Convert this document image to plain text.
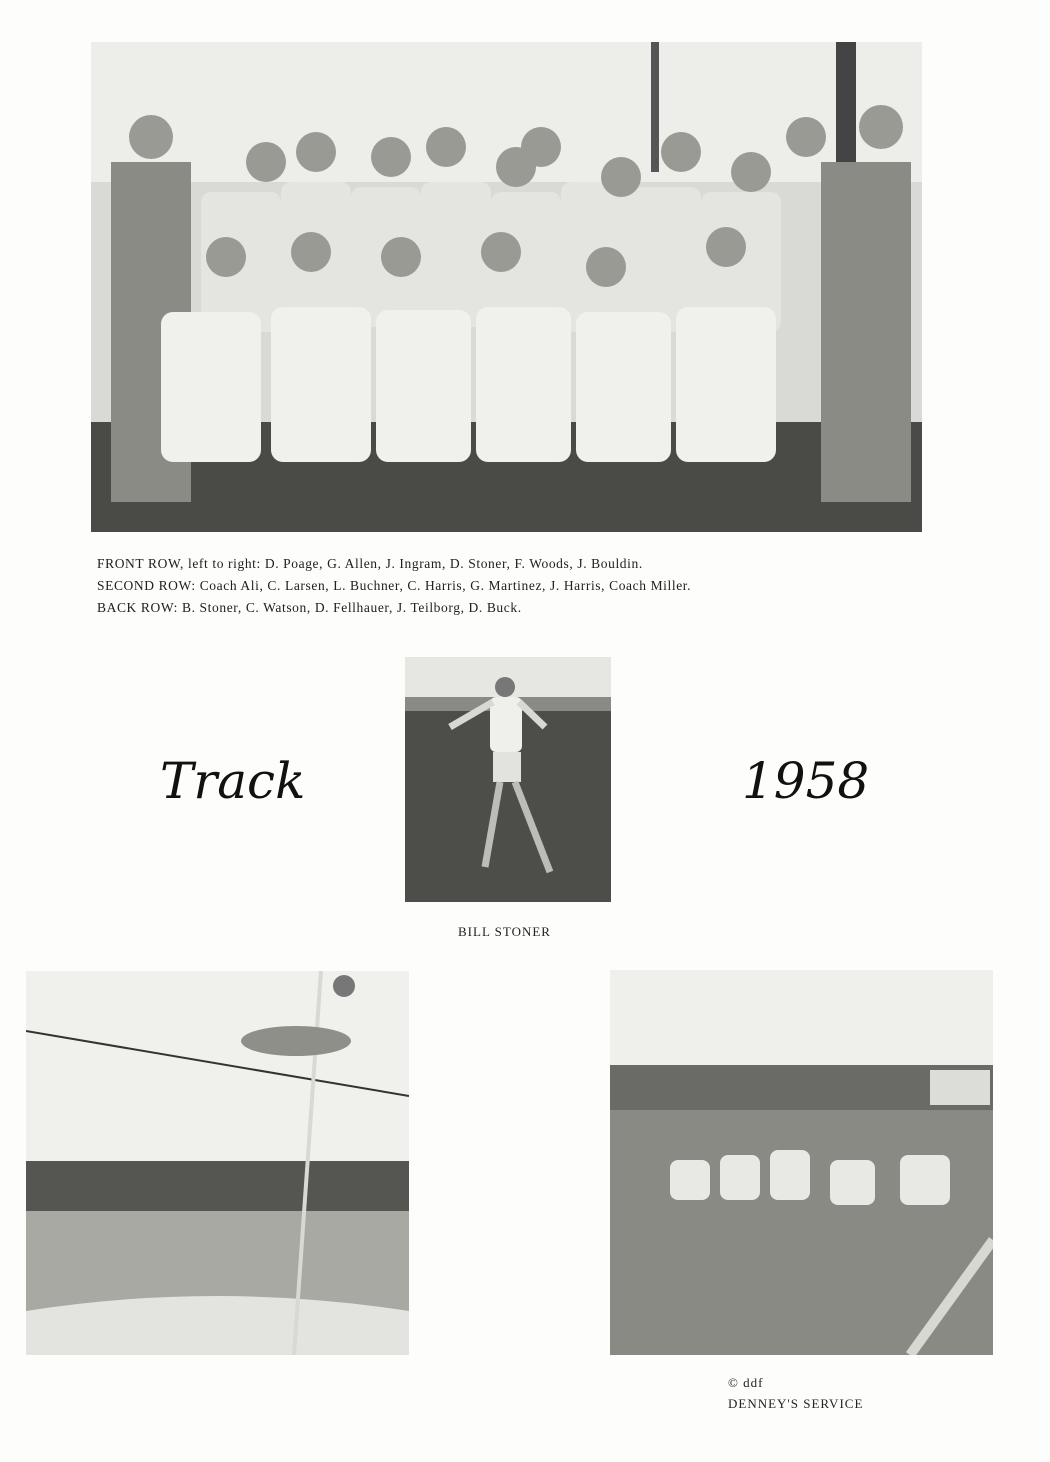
FRONT ROW, left to right: D. Poage, G. Allen, J. Ingram, D. Stoner, F. Woods, J. Bouldin.
SECOND ROW: Coach Ali, C. Larsen, L. Buchner, C. Harris, G. Martinez, J. Harris, Coach Miller.
BACK ROW: B. Stoner, C. Watson, D. Fellhauer, J. Teilborg, D. Buck.
Track	1958
BILL STONER
© ddf
DENNEY'S SERVICE
